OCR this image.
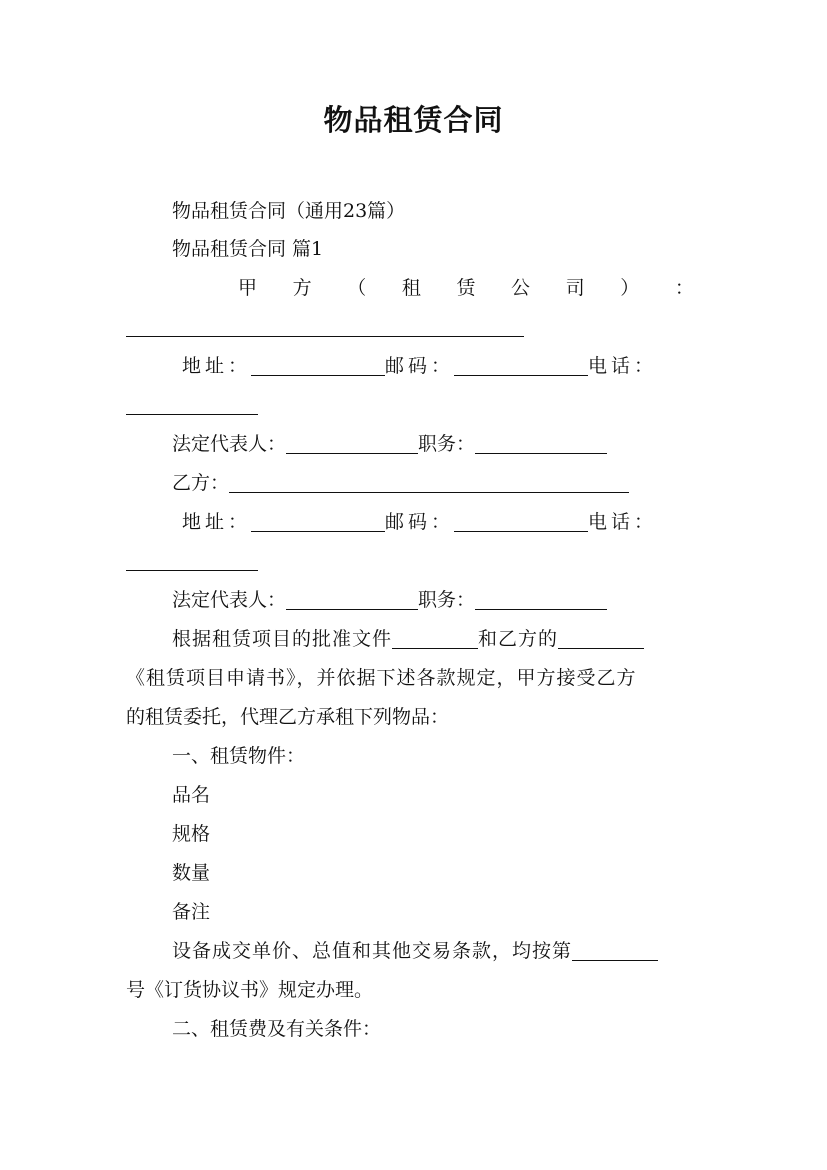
物品租赁合同
物品租赁合同（通用23篇）
物品租赁合同 篇1
甲 方 （ 租 赁 公 司 ） ：
地址：	邮码：	电话：
法定代表人：	职务：
乙方：
地址：	邮码：	电话：
法定代表人：	职务：
根据租赁项目的批准文件	和乙方的
《租赁项目申请书》，并依据下述各款规定，甲方接受乙方
的租赁委托，代理乙方承租下列物品：
一、租赁物件：
品名
规格
数量
备注
设备成交单价、总值和其他交易条款，均按第
号《订货协议书》规定办理。
二、租赁费及有关条件：
